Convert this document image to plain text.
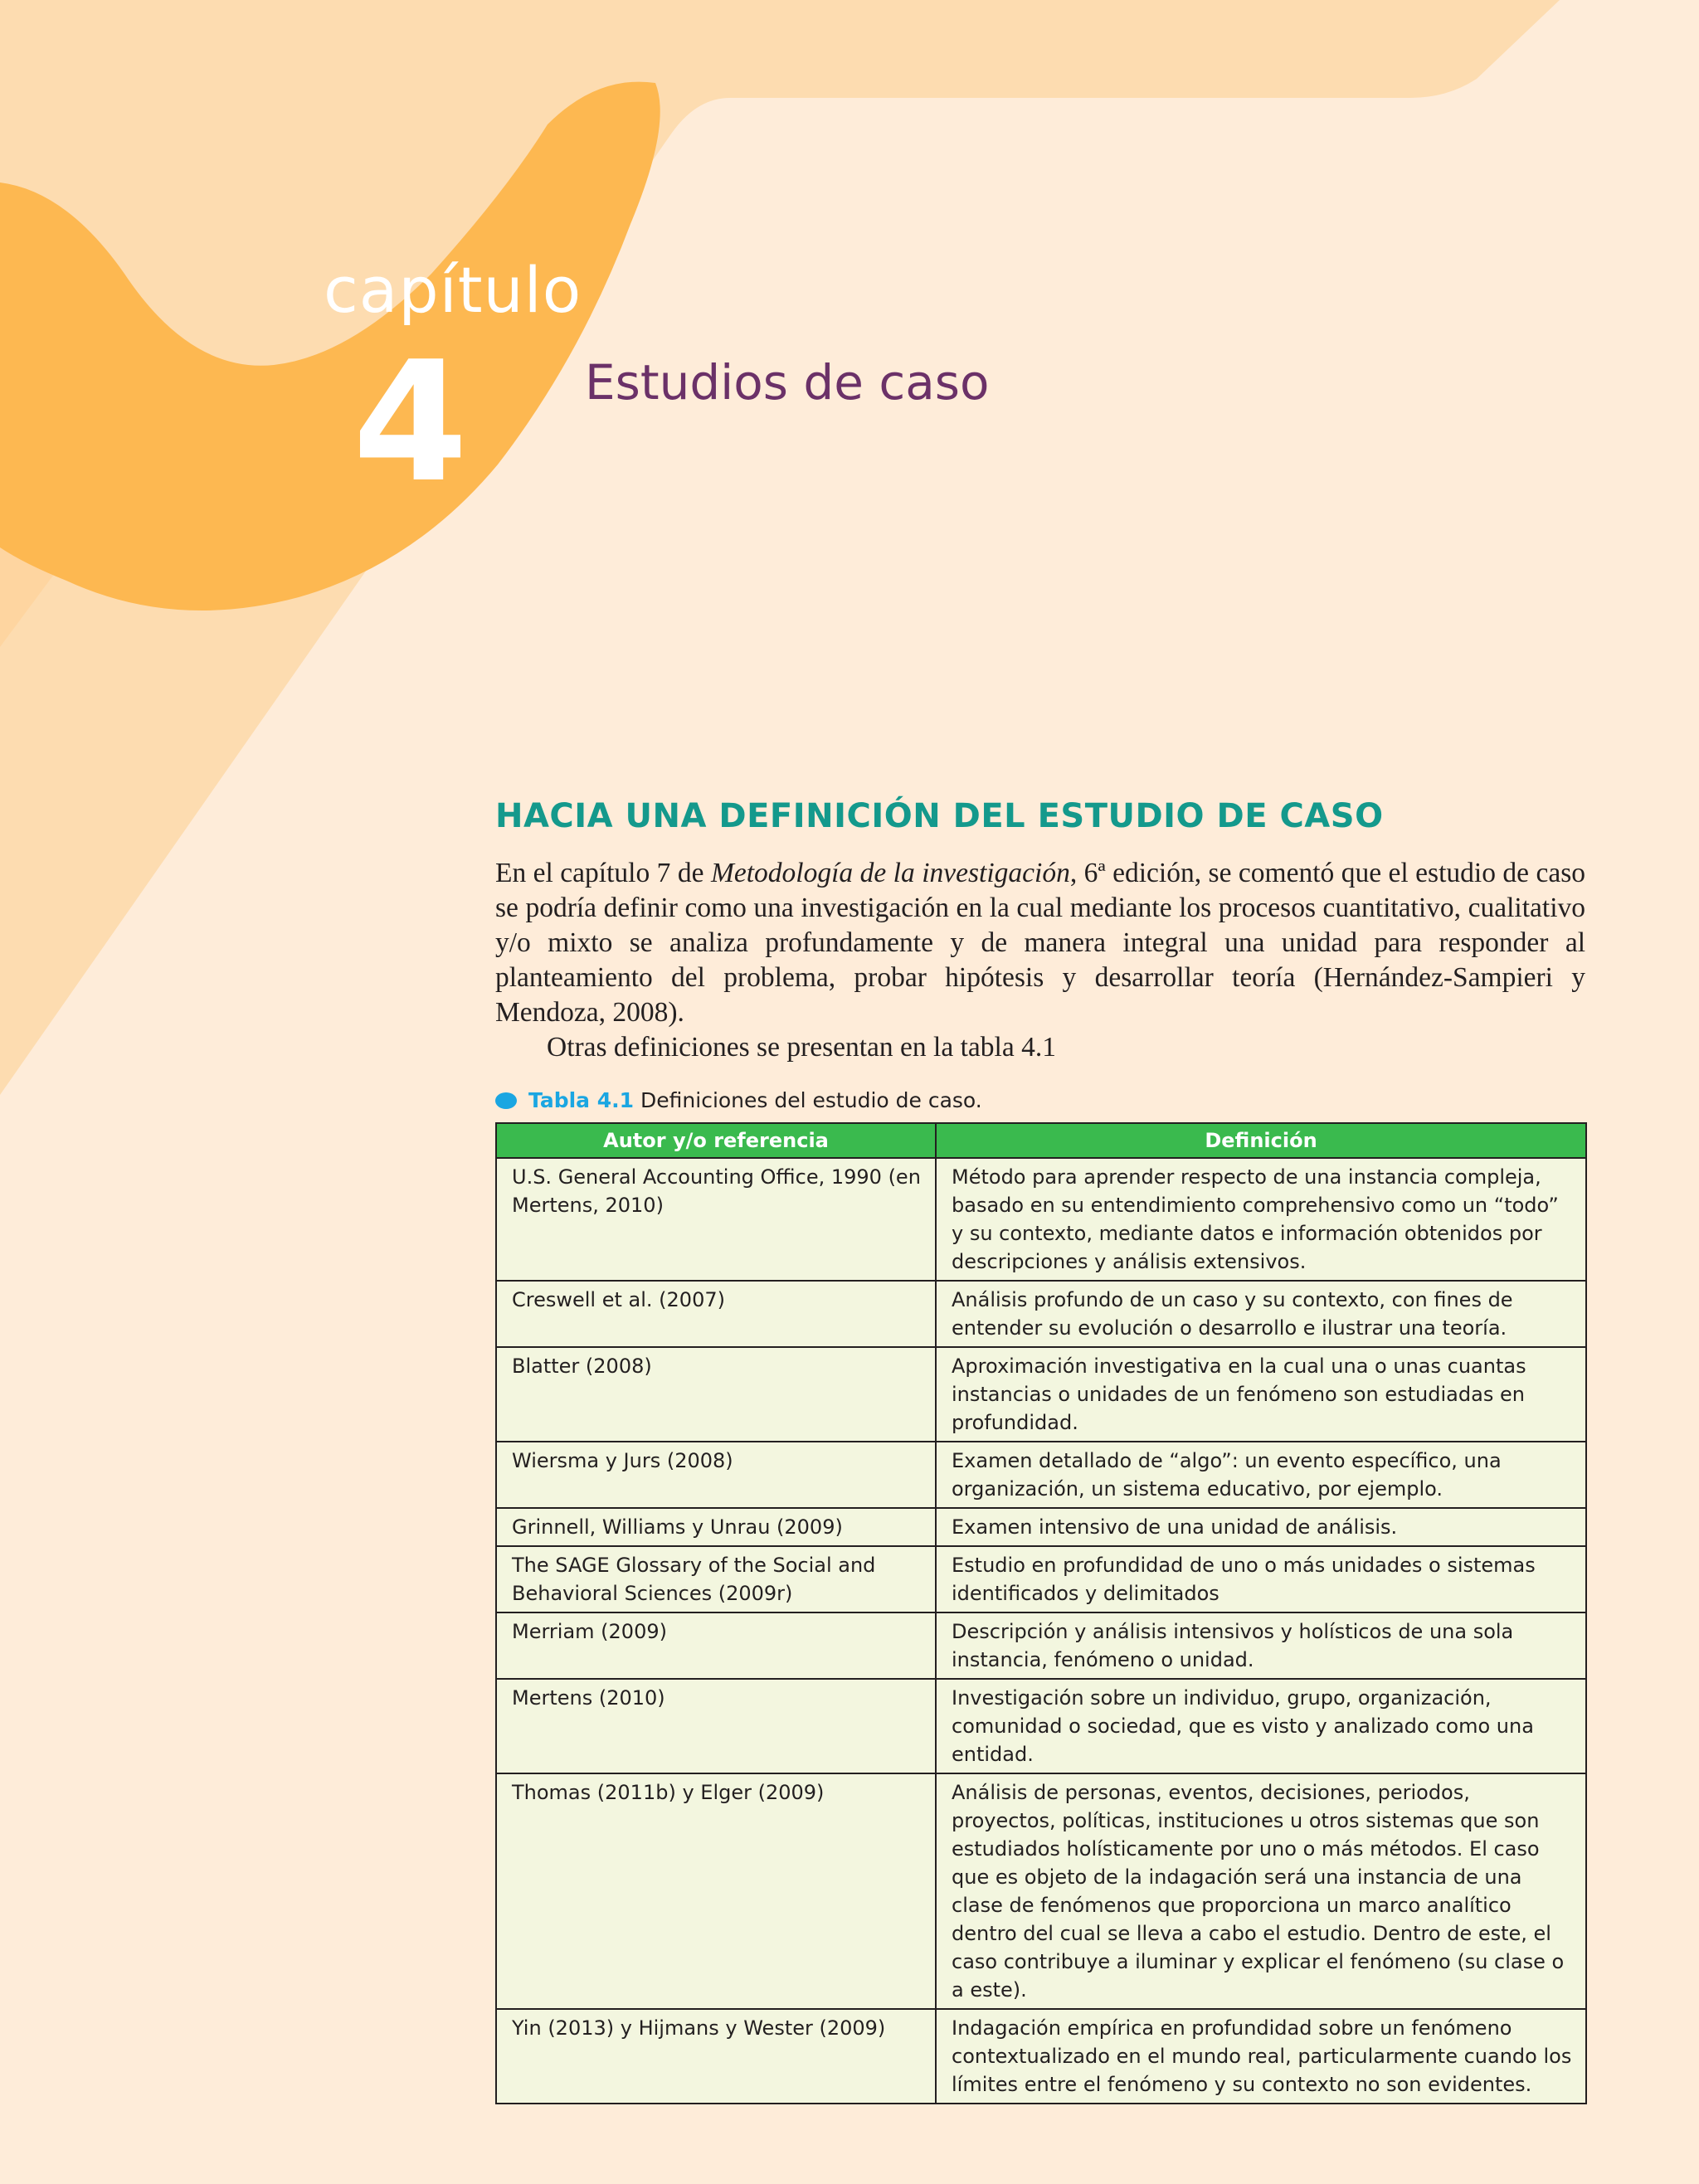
capítulo
4 Estudios de caso
HACIA UNA DEFINICIÓN DEL ESTUDIO DE CASO

En el capítulo 7 de Metodología de la investigación, 6ª edición, se comentó que el estudio de caso se podría definir como una investigación en la cual mediante los procesos cuantitativo, cualitativo y/o mixto se analiza profundamente y de manera integral una unidad para responder al planteamiento del problema, probar hipótesis y desarrollar teoría (Hernández-Sampieri y Mendoza, 2008).

Otras definiciones se presentan en la tabla 4.1

Tabla 4.1 Definiciones del estudio de caso.
Autor y/o referencia	Definición
U.S. General Accounting Office, 1990 (en Mertens, 2010)	Método para aprender respecto de una instancia compleja, basado en su entendimiento comprehensivo como un “todo” y su contexto, mediante datos e información obtenidos por descripciones y análisis extensivos.
Creswell et al. (2007)	Análisis profundo de un caso y su contexto, con fines de entender su evolución o desarrollo e ilustrar una teoría.
Blatter (2008)	Aproximación investigativa en la cual una o unas cuantas instancias o unidades de un fenómeno son estudiadas en profundidad.
Wiersma y Jurs (2008)	Examen detallado de “algo”: un evento específico, una organización, un sistema educativo, por ejemplo.
Grinnell, Williams y Unrau (2009)	Examen intensivo de una unidad de análisis.
The SAGE Glossary of the Social and Behavioral Sciences (2009r)	Estudio en profundidad de uno o más unidades o sistemas identificados y delimitados
Merriam (2009)	Descripción y análisis intensivos y holísticos de una sola instancia, fenómeno o unidad.
Mertens (2010)	Investigación sobre un individuo, grupo, organización, comunidad o sociedad, que es visto y analizado como una entidad.
Thomas (2011b) y Elger (2009)	Análisis de personas, eventos, decisiones, periodos, proyectos, políticas, instituciones u otros sistemas que son estudiados holísticamente por uno o más métodos. El caso que es objeto de la indagación será una instancia de una clase de fenómenos que proporciona un marco analítico dentro del cual se lleva a cabo el estudio. Dentro de este, el caso contribuye a iluminar y explicar el fenómeno (su clase o a este).
Yin (2013) y Hijmans y Wester (2009)	Indagación empírica en profundidad sobre un fenómeno contextualizado en el mundo real, particularmente cuando los límites entre el fenómeno y su contexto no son evidentes.
